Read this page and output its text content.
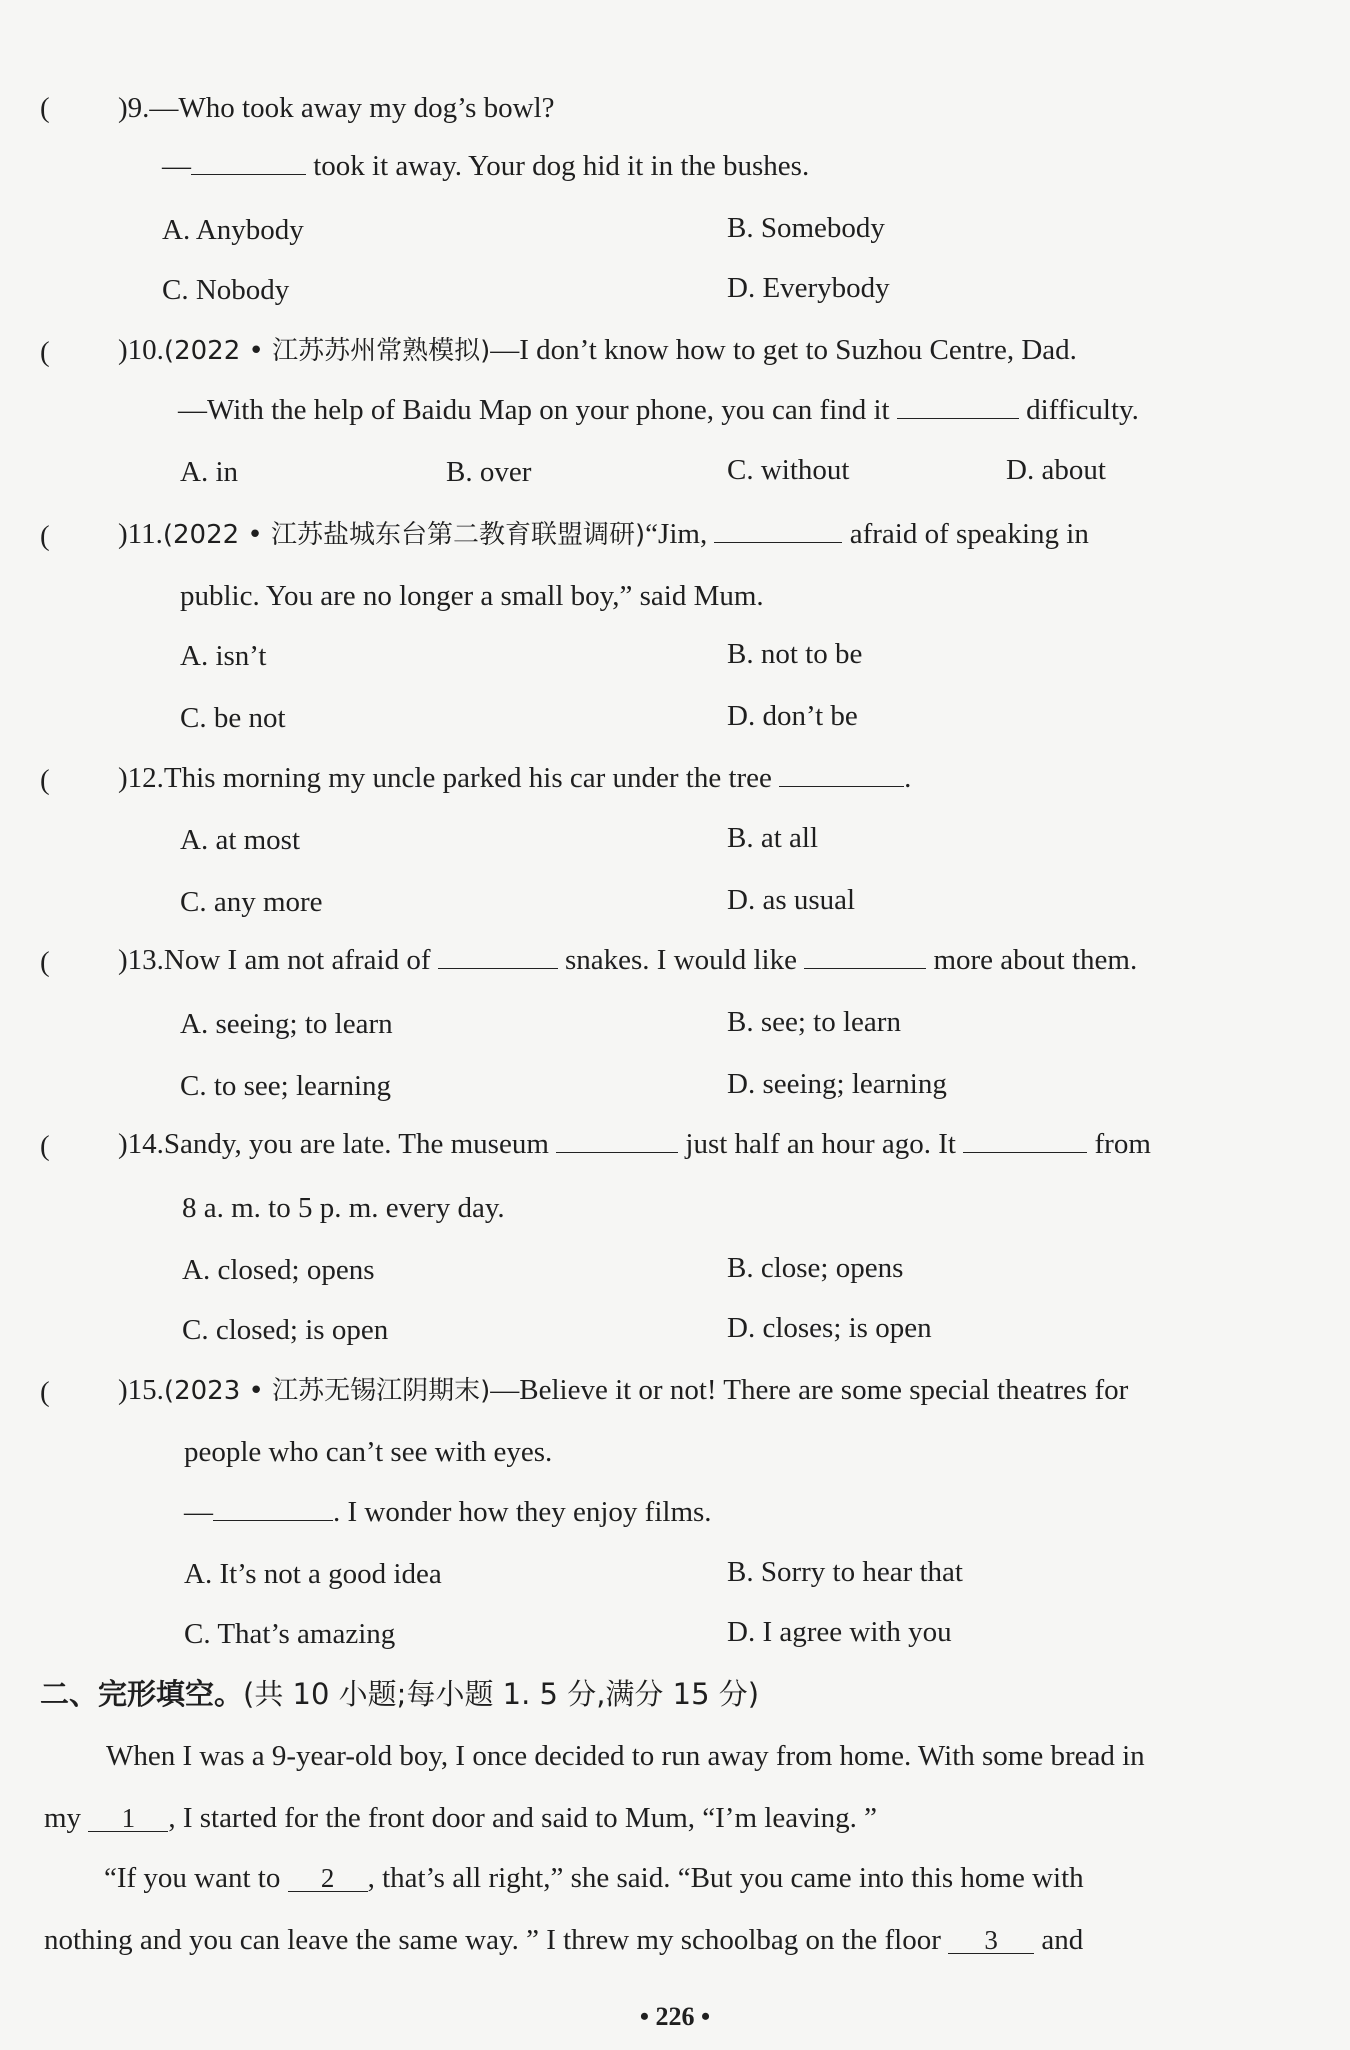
( )9.—Who took away my dog’s bowl?
—	took it away. Your dog hid it in the bushes.
A. Anybody	B. Somebody
C. Nobody	D. Everybody
( )10.(2022 • 江苏苏州常熟模拟)—I don’t know how to get to Suzhou Centre, Dad.
—With the help of Baidu Map on your phone, you can find it	difficulty.
A. in	B. over	C. without	D. about
( )11.(2022 • 江苏盐城东台第二教育联盟调研)“Jim,	afraid of speaking in
public. You are no longer a small boy,” said Mum.
A. isn’t	B. not to be
C. be not	D. don’t be
( )12.This morning my uncle parked his car under the tree	.
A. at most	B. at all
C. any more	D. as usual
( )13.Now I am not afraid of	snakes. I would like	more about them.
A. seeing; to learn	B. see; to learn
C. to see; learning	D. seeing; learning
( )14.Sandy, you are late. The museum	just half an hour ago. It	from
8 a. m. to 5 p. m. every day.
A. closed; opens	B. close; opens
C. closed; is open	D. closes; is open
( )15.(2023 • 江苏无锡江阴期末)—Believe it or not! There are some special theatres for
people who can’t see with eyes.
—	. I wonder how they enjoy films.
A. It’s not a good idea	B. Sorry to hear that
C. That’s amazing	D. I agree with you
二、完形填空。(共 10 小题;每小题 1. 5 分,满分 15 分)
When I was a 9-year-old boy, I once decided to run away from home. With some bread in
my 1 , I started for the front door and said to Mum, “I’m leaving. ”
“If you want to 2 , that’s all right,” she said. “But you came into this home with
nothing and you can leave the same way. ” I threw my schoolbag on the floor 3 and
• 226 •
